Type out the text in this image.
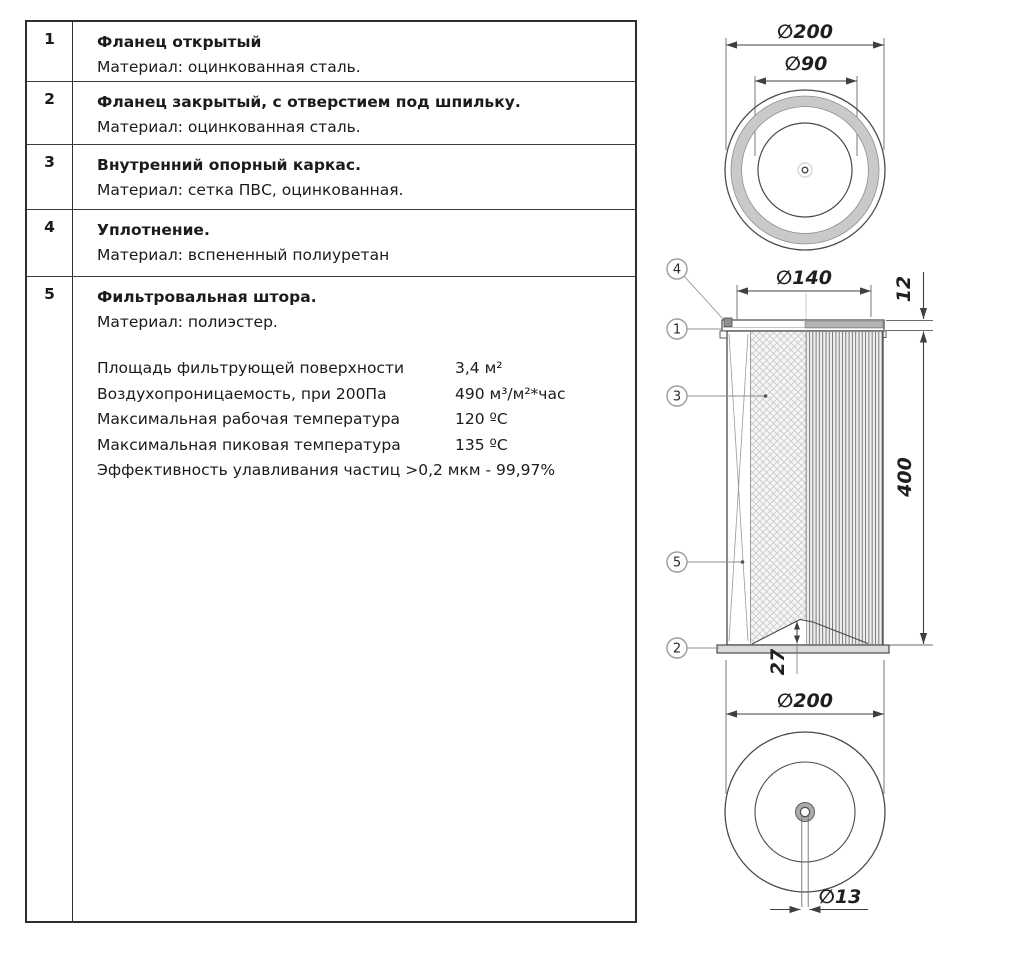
1	Фланец открытый
Материал: оцинкованная сталь.
2	Фланец закрытый, с отверстием под шпильку.
Материал: оцинкованная сталь.
3	Внутренний опорный каркас.
Материал: сетка ПВС, оцинкованная.
4	Уплотнение.
Материал: вспененный полиуретан
5	Фильтровальная штора.
Материал: полиэстер.
Площадь фильтрующей поверхности	3,4 м²
Воздухопроницаемость, при 200Па	490 м³/м²*час
Максимальная рабочая температура	120 ºС
Максимальная пиковая температура	135 ºС
Эффективность улавливания частиц >0,2 мкм - 99,97%
∅200
∅90
∅140
27
12
400
4
1
3
5
2
∅200
∅13
